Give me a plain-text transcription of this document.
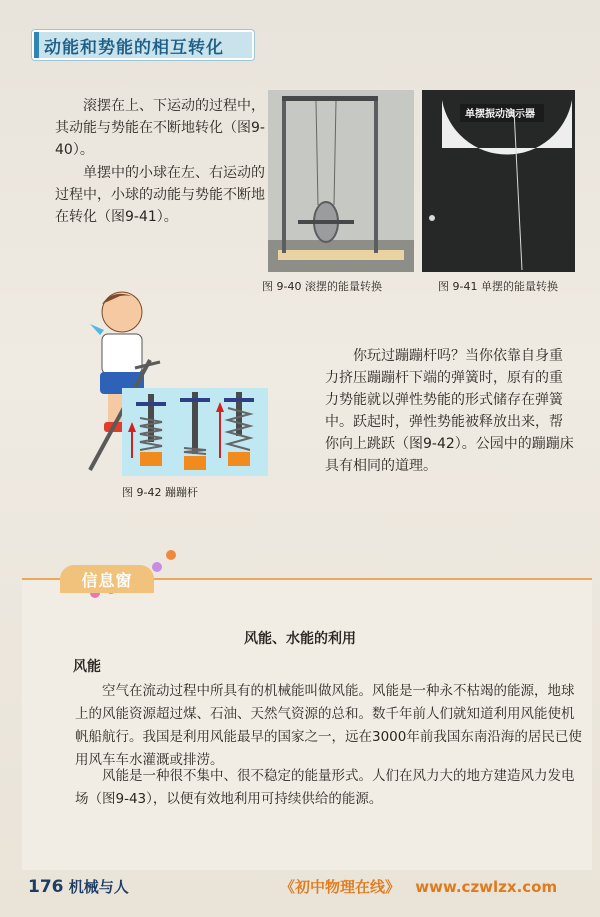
动能和势能的相互转化

滚摆在上、下运动的过程中，其动能与势能在不断地转化（图9-40）。

单摆中的小球在左、右运动的过程中，小球的动能与势能不断地在转化（图9-41）。

图 9-40 滚摆的能量转换
单摆振动演示器
图 9-41 单摆的能量转换
图 9-42 蹦蹦杆

你玩过蹦蹦杆吗？当你依靠自身重力挤压蹦蹦杆下端的弹簧时，原有的重力势能就以弹性势能的形式储存在弹簧中。跃起时，弹性势能被释放出来，帮你向上跳跃（图9-42）。公园中的蹦蹦床具有相同的道理。

信息窗
风能、水能的利用
风能

空气在流动过程中所具有的机械能叫做风能。风能是一种永不枯竭的能源，地球上的风能资源超过煤、石油、天然气资源的总和。数千年前人们就知道利用风能使机帆船航行。我国是利用风能最早的国家之一，远在3000年前我国东南沿海的居民已使用风车车水灌溉或排涝。

风能是一种很不集中、很不稳定的能量形式。人们在风力大的地方建造风力发电场（图9-43），以便有效地利用可持续供给的能源。

176 机械与人	《初中物理在线》 www.czwlzx.com
